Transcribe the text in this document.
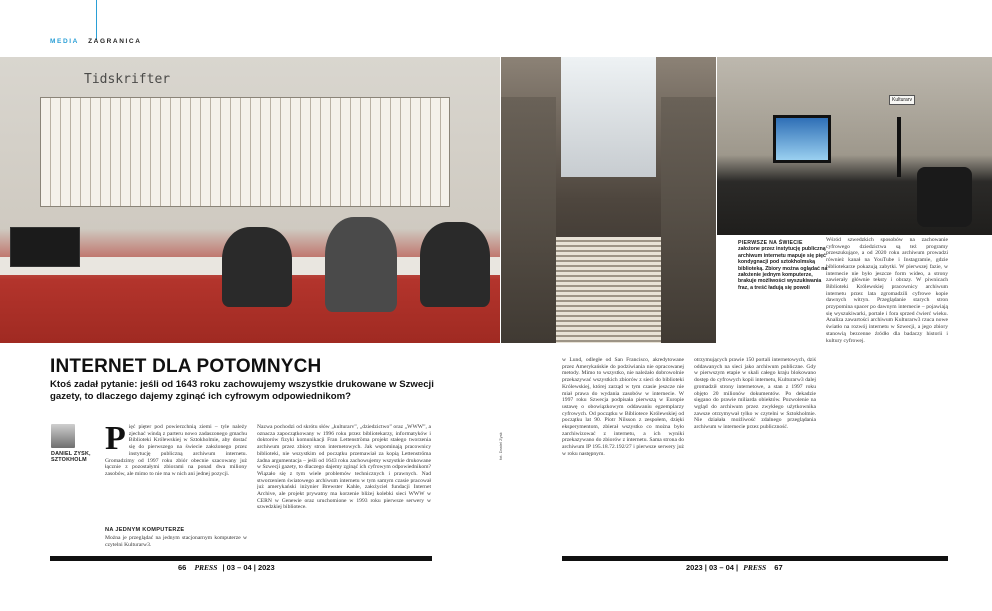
MEDIA ZAGRANICA
Tidskrifter
Kulturarv
PIERWSZE NA ŚWIECIE
założone przez instytucję publiczną archiwum internetu mapuje się pięć kondygnacji pod sztokholmską biblioteką. Zbiory można oglądać na założenie jednym komputerze, brakuje możliwości wyszukiwania fraz, a treść ładują się powoli
INTERNET DLA POTOMNYCH
Ktoś zadał pytanie: jeśli od 1643 roku zachowujemy wszystkie drukowane w Szwecji gazety, to dlaczego dajemy zginąć ich cyfrowym odpowiednikom?
DANIEL ZYSK,
SZTOKHOLM
P ięć pięter pod powierzchnią ziemi – tyle należy zjechać windą z parteru nowo zadaszonego gmachu Biblioteki Królewskiej w Sztokholmie, aby dostać się do pierwszego na świecie założonego przez instytucję publiczną archiwum internetu. Gromadzimy od 1997 roku zbiór obecnie szacowany już łącznie z pozostałymi zbiorami na ponad dwa miliony zasobów, ale mimo to nie ma w nich ani jednej pozycji.
Można je przeglądać na jednym stacjonarnym komputerze w czytelni Kulturarw3.
NA JEDNYM KOMPUTERZE
Nazwa pochodzi od skrótu słów „kulturarv”, „dziedzictwo” oraz „WWW”, a oznacza zapoczątkowany w 1996 roku przez bibliotekarzy, informatyków i doktorów fizyki komunikacji Fran Lettenströma projekt stałego tworzenia archiwum przez zbiory stron internetowych. Jak wspominają pracownicy biblioteki, nie wszystkim od początku przemawiał za kopią Lettenströma żadna argumentacja – jeśli od 1643 roku zachowujemy wszystkie drukowane w Szwecji gazety, to dlaczego dajemy zginąć ich cyfrowym odpowiednikom? Wiązało się z tym wiele problemów technicznych i prawnych. Nad stworzeniem światowego archiwum internetu w tym samym czasie pracował już amerykański inżynier Brewster Kahle, założyciel fundacji Internet Archive, ale projekt prywatny ma korzenie bliżej kolebki sieci WWW w CERN w Genewie oraz uruchomione w 1993 roku pierwsze serwery w szwedzkiej bibliotece.
w Lund, odległe od San Francisco, akredytowane przez Amerykańskie do podziwiania nie opracowanej metody. Mimo to wszystko, nie należało dobrowolnie przekazywać wszystkich zbiorów z sieci do biblioteki Królewskiej, której zarząd w tym czasie jeszcze nie miał prawa do wydania zasobów w internecie. W 1997 roku Szwecja podpisała pierwszą w Europie ustawę o obowiązkowym oddawaniu egzemplarzy cyfrowych. Od początku w Bibliotece Królewskiej od początku lat 90. Piotr Nilsson z zespołem, dzięki eksperymentom, zbierał wszystko co można było zarchiwizować z internetu, a ich wyniki przekazywano do zbiorów z internetu. Sama strona do archiwum IP 195.18.72.192/27 i pierwsze serwery już w roku następnym.
otrzymujących prawie 150 portali internetowych, dziś oddawanych na sieci jako archiwum publiczne. Gdy w pierwszym etapie w skali całego kraju blokowano dostęp do cyfrowych kopii internetu, Kulturarw3 dalej gromadził strony internetowe, a stan z 1997 roku objęto 20 milionów dokumentów. Po dekadzie sięgano do prawie miliarda obiektów. Pozwolenie na wgląd do archiwum przez zwykłego użytkownika zawsze otrzymywał tylko w czytelni w Sztokholmie. Nie działała możliwość zdalnego przeglądania archiwum w internecie przez publiczność.
Wśród szwedzkich sposobów na zachowanie cyfrowego dziedzictwa są też programy przeszukujące, a od 2020 roku archiwum prowadzi również kanał na YouTube i Instagramie, gdzie bibliotekarze pokazują zabytki. W pierwszej fazie, w internecie nie było jeszcze form wideo, a strony zawierały głównie teksty i obrazy. W piwnicach Biblioteki Królewskiej pracownicy archiwum internetu przez lata zgromadzili cyfrowe kopie dawnych witryn. Przeglądanie starych stron przypomina spacer po dawnym internecie – pojawiają się wyszukiwarki, portale i fora sprzed ćwierć wieku. Analiza zawartości archiwum Kulturarw3 rzuca nowe światło na rozwój internetu w Szwecji, a jego zbiory stanowią bezcenne źródło dla badaczy historii i kultury cyfrowej.
fot. Daniel Zysk
66 PRESS | 03 – 04 | 2023	2023 | 03 – 04 | PRESS 67
